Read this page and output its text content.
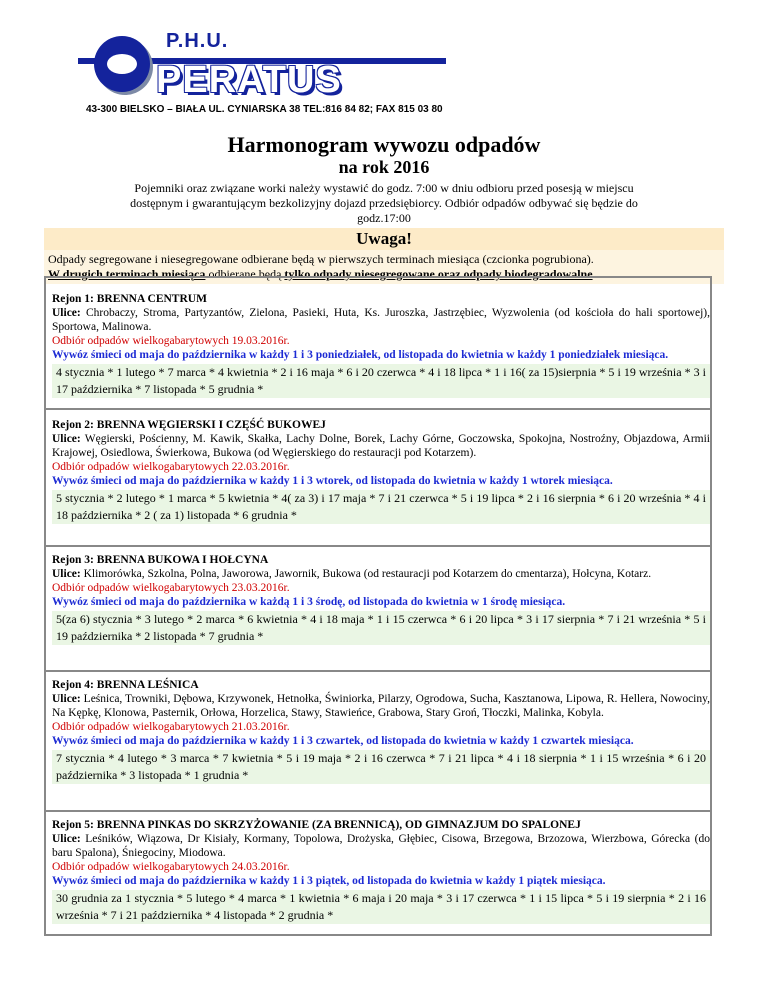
P.H.U.
PERATUS
43-300 BIELSKO – BIAŁA UL. CYNIARSKA 38 TEL:816 84 82; FAX 815 03 80
Harmonogram wywozu odpadów
na rok 2016
Pojemniki oraz związane worki należy wystawić do godz. 7:00 w dniu odbioru przed posesją w miejscu dostępnym i gwarantującym bezkolizyjny dojazd przedsiębiorcy. Odbiór odpadów odbywać się będzie do godz.17:00
Uwaga!
Odpady segregowane i niesegregowane odbierane będą w pierwszych terminach miesiąca (czcionka pogrubiona).
W drugich terminach miesiąca odbierane będą tylko odpady niesegregowane oraz odpady biodegradowalne
Rejon 1: BRENNA CENTRUM
Ulice: Chrobaczy, Stroma, Partyzantów, Zielona, Pasieki, Huta, Ks. Juroszka, Jastrzębiec, Wyzwolenia (od kościoła do hali sportowej), Sportowa, Malinowa.
Odbiór odpadów wielkogabarytowych 19.03.2016r.
Wywóz śmieci od maja do października w każdy 1 i 3 poniedziałek, od listopada do kwietnia w każdy 1 poniedziałek miesiąca.
4 stycznia * 1 lutego * 7 marca * 4 kwietnia * 2 i 16 maja * 6 i 20 czerwca * 4 i 18 lipca * 1 i 16( za 15)sierpnia * 5 i 19 września * 3 i 17 października * 7 listopada * 5 grudnia *
Rejon 2: BRENNA WĘGIERSKI I CZĘŚĆ BUKOWEJ
Ulice: Węgierski, Pościenny, M. Kawik, Skałka, Lachy Dolne, Borek, Lachy Górne, Goczowska, Spokojna, Nostroźny, Objazdowa, Armii Krajowej, Osiedlowa, Świerkowa, Bukowa (od Węgierskiego do restauracji pod Kotarzem).
Odbiór odpadów wielkogabarytowych 22.03.2016r.
Wywóz śmieci od maja do października w każdy 1 i 3 wtorek, od listopada do kwietnia w każdy 1 wtorek miesiąca.
5 stycznia * 2 lutego * 1 marca * 5 kwietnia * 4( za 3) i 17 maja * 7 i 21 czerwca * 5 i 19 lipca * 2 i 16 sierpnia * 6 i 20 września * 4 i 18 października * 2 ( za 1) listopada * 6 grudnia *
Rejon 3: BRENNA BUKOWA I HOŁCYNA
Ulice: Klimorówka, Szkolna, Polna, Jaworowa, Jawornik, Bukowa (od restauracji pod Kotarzem do cmentarza), Hołcyna, Kotarz.
Odbiór odpadów wielkogabarytowych 23.03.2016r.
Wywóz śmieci od maja do października w każdą 1 i 3 środę, od listopada do kwietnia w 1 środę miesiąca.
5(za 6) stycznia * 3 lutego * 2 marca * 6 kwietnia * 4 i 18 maja * 1 i 15 czerwca * 6 i 20 lipca * 3 i 17 sierpnia * 7 i 21 września * 5 i 19 października * 2 listopada * 7 grudnia *
Rejon 4: BRENNA LEŚNICA
Ulice: Leśnica, Trowniki, Dębowa, Krzywonek, Hetnołka, Świniorka, Pilarzy, Ogrodowa, Sucha, Kasztanowa, Lipowa, R. Hellera, Nowociny, Na Kępkę, Klonowa, Pasternik, Orłowa, Horzelica, Stawy, Stawieńce, Grabowa, Stary Groń, Tłoczki, Malinka, Kobyla.
Odbiór odpadów wielkogabarytowych 21.03.2016r.
Wywóz śmieci od maja do października w każdy 1 i 3 czwartek, od listopada do kwietnia w każdy 1 czwartek miesiąca.
7 stycznia * 4 lutego * 3 marca * 7 kwietnia * 5 i 19 maja * 2 i 16 czerwca * 7 i 21 lipca * 4 i 18 sierpnia * 1 i 15 września * 6 i 20 października * 3 listopada * 1 grudnia *
Rejon 5: BRENNA PINKAS DO SKRZYŻOWANIE (ZA BRENNICĄ), OD GIMNAZJUM DO SPALONEJ
Ulice: Leśników, Wiązowa, Dr Kisiały, Kormany, Topolowa, Drożyska, Głębiec, Cisowa, Brzegowa, Brzozowa, Wierzbowa, Górecka (do baru Spalona), Śniegociny, Miodowa.
Odbiór odpadów wielkogabarytowych 24.03.2016r.
Wywóz śmieci od maja do października w każdy 1 i 3 piątek, od listopada do kwietnia w każdy 1 piątek miesiąca.
30 grudnia za 1 stycznia * 5 lutego * 4 marca * 1 kwietnia * 6 maja i 20 maja * 3 i 17 czerwca * 1 i 15 lipca * 5 i 19 sierpnia * 2 i 16 września * 7 i 21 października * 4 listopada * 2 grudnia *
